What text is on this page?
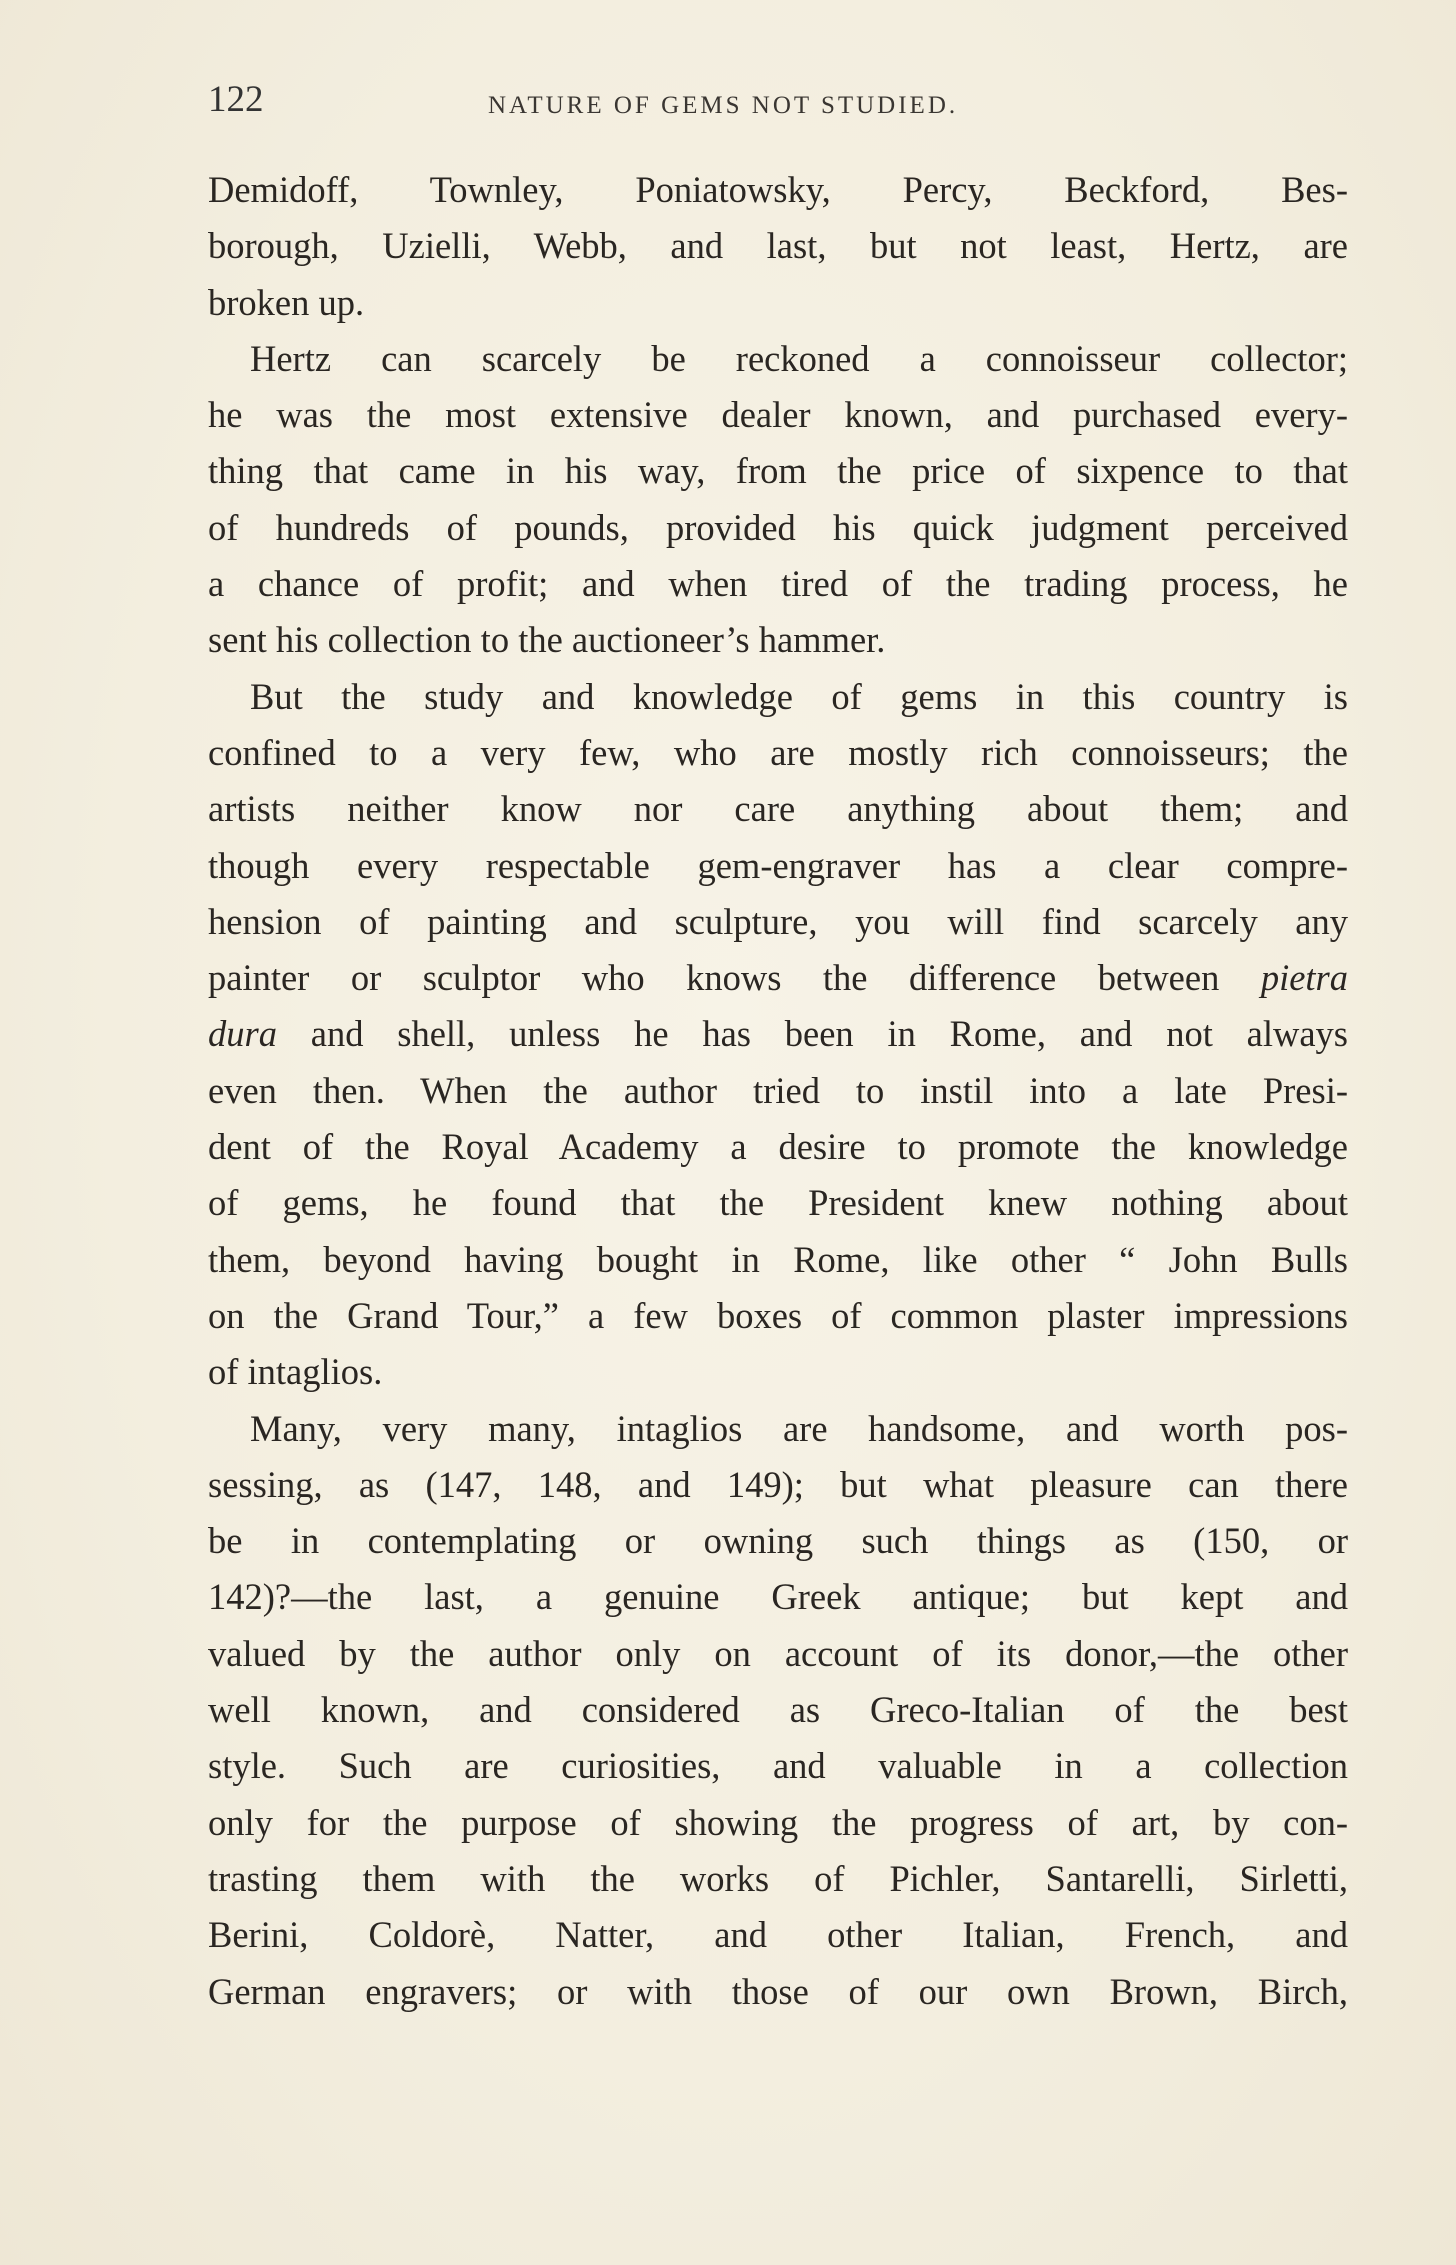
122	NATURE OF GEMS NOT STUDIED.
Demidoff, Townley, Poniatowsky, Percy, Beckford, Bes-
borough, Uzielli, Webb, and last, but not least, Hertz, are
broken up.
Hertz can scarcely be reckoned a connoisseur collector;
he was the most extensive dealer known, and purchased every-
thing that came in his way, from the price of sixpence to that
of hundreds of pounds, provided his quick judgment perceived
a chance of profit; and when tired of the trading process, he
sent his collection to the auctioneer’s hammer.
But the study and knowledge of gems in this country is
confined to a very few, who are mostly rich connoisseurs; the
artists neither know nor care anything about them; and
though every respectable gem-engraver has a clear compre-
hension of painting and sculpture, you will find scarcely any
painter or sculptor who knows the difference between pietra
dura and shell, unless he has been in Rome, and not always
even then. When the author tried to instil into a late Presi-
dent of the Royal Academy a desire to promote the knowledge
of gems, he found that the President knew nothing about
them, beyond having bought in Rome, like other “ John Bulls
on the Grand Tour,” a few boxes of common plaster impressions
of intaglios.
Many, very many, intaglios are handsome, and worth pos-
sessing, as (147, 148, and 149); but what pleasure can there
be in contemplating or owning such things as (150, or
142)?—the last, a genuine Greek antique; but kept and
valued by the author only on account of its donor,—the other
well known, and considered as Greco-Italian of the best
style. Such are curiosities, and valuable in a collection
only for the purpose of showing the progress of art, by con-
trasting them with the works of Pichler, Santarelli, Sirletti,
Berini, Coldorè, Natter, and other Italian, French, and
German engravers; or with those of our own Brown, Birch,
